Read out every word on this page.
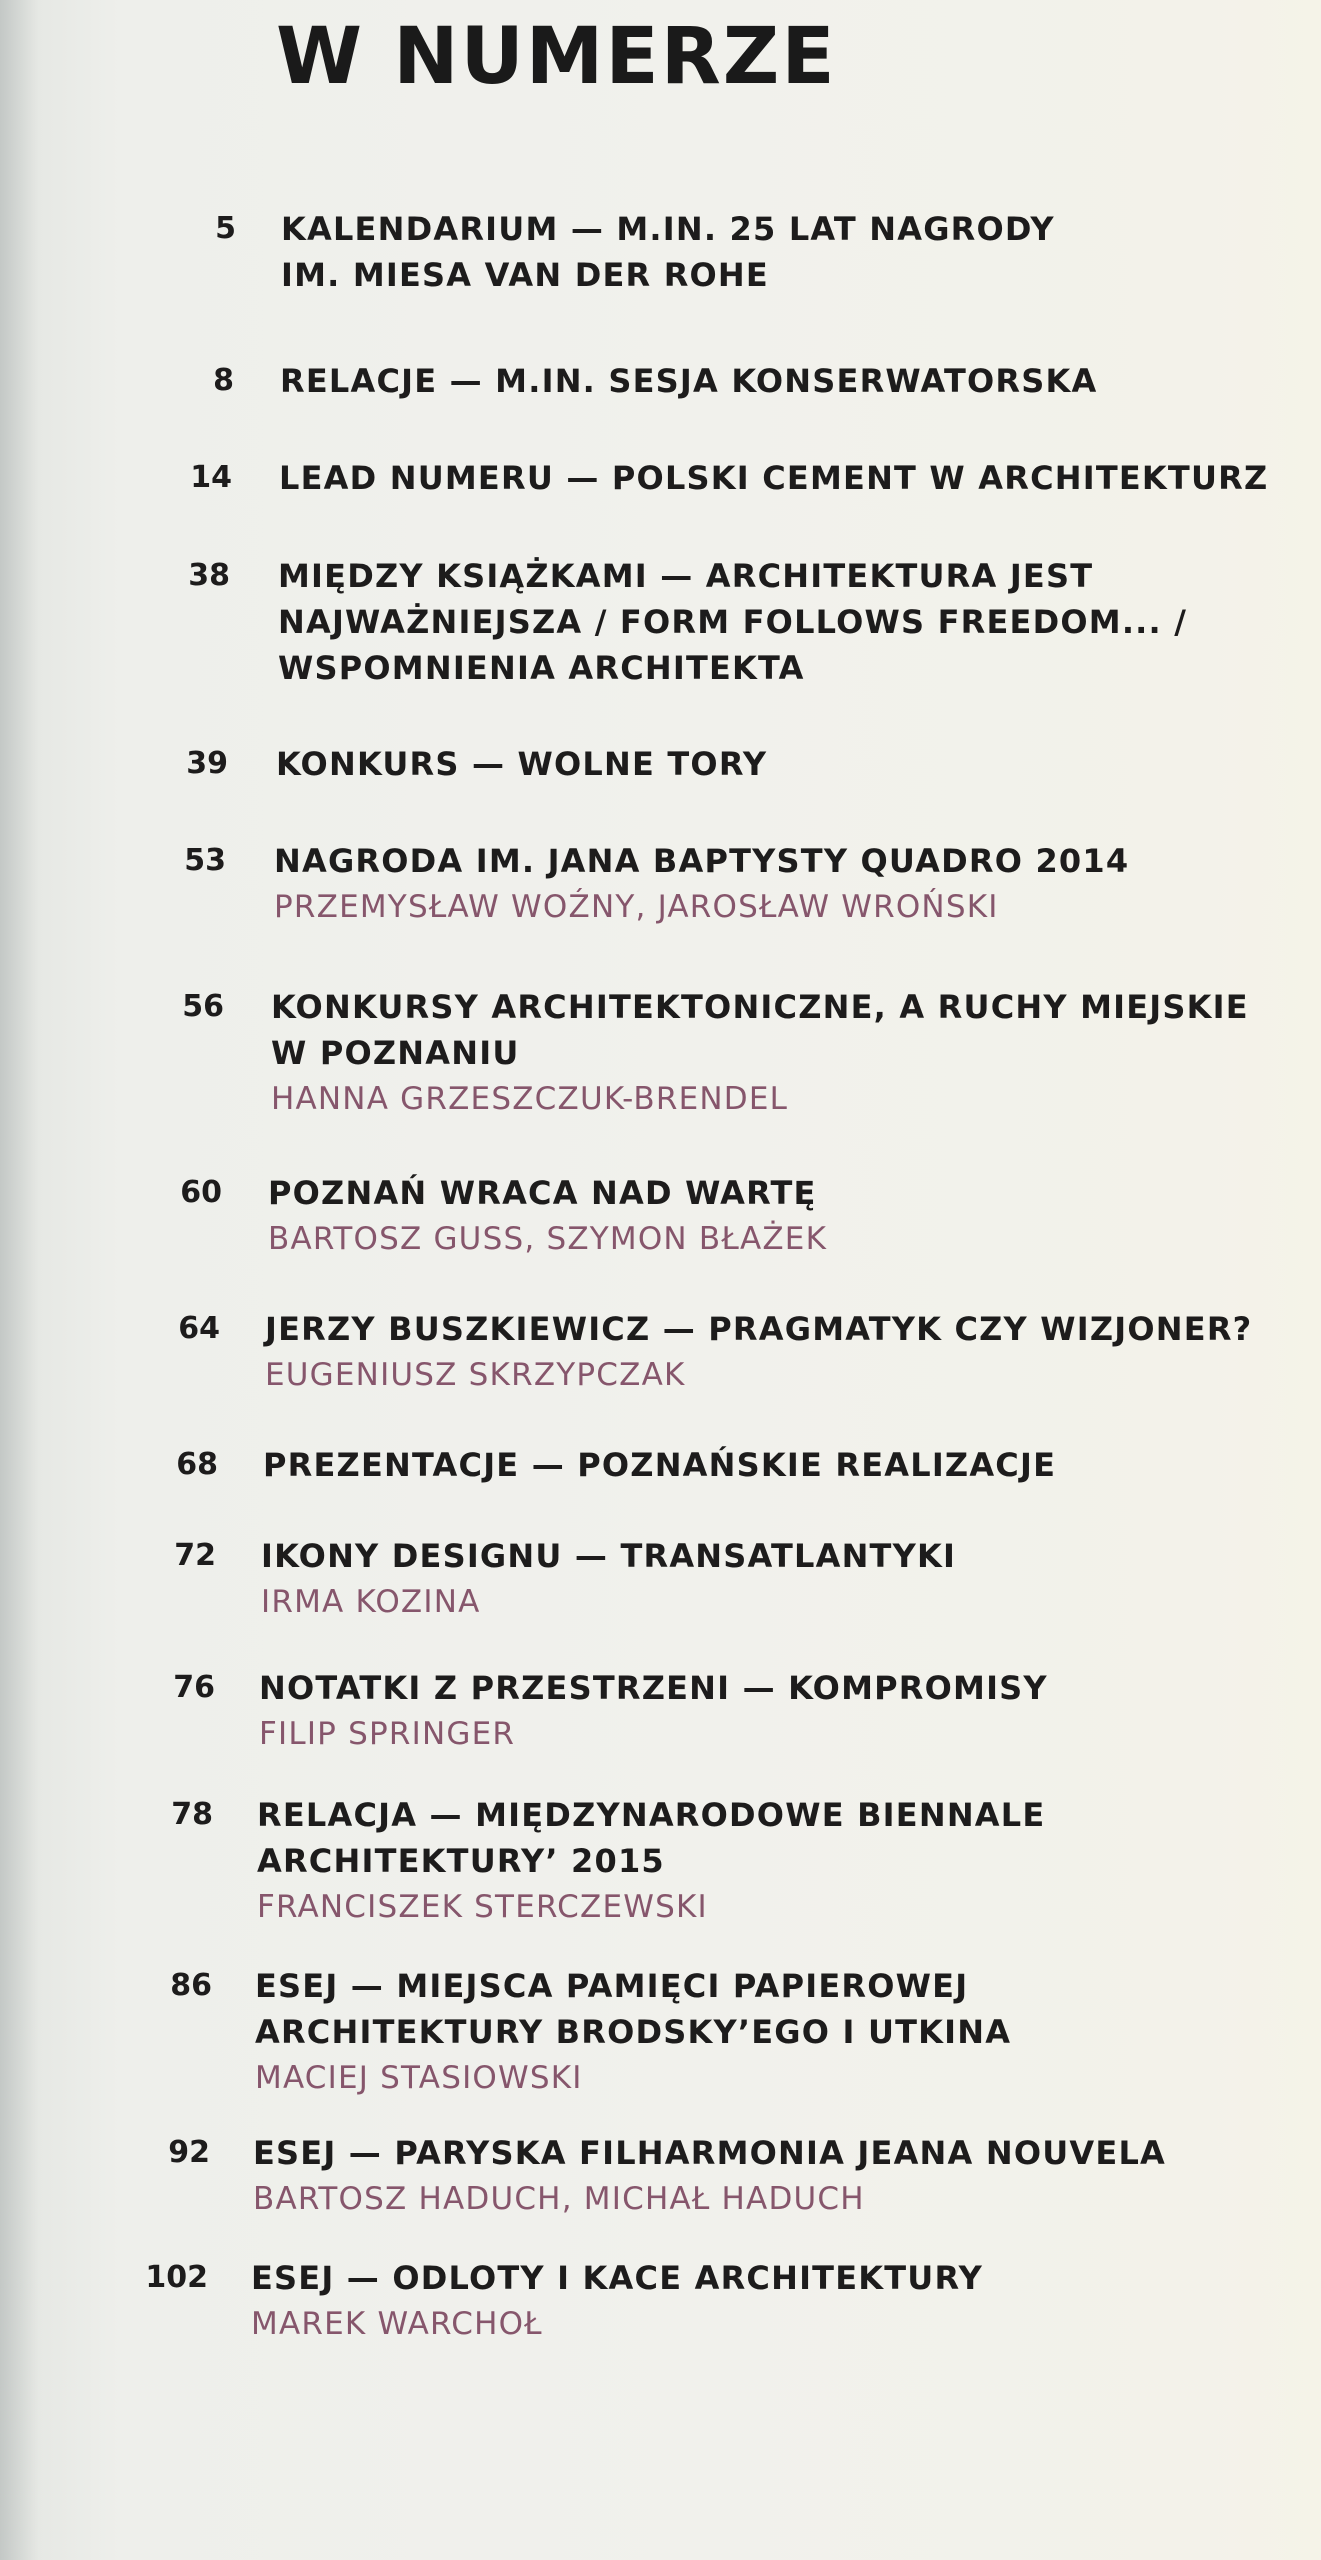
W NUMERZE
5 KALENDARIUM — M.IN. 25 LAT NAGRODY
IM. MIESA VAN DER ROHE
8 RELACJE — M.IN. SESJA KONSERWATORSKA
14 LEAD NUMERU — POLSKI CEMENT W ARCHITEKTURZ
38 MIĘDZY KSIĄŻKAMI — ARCHITEKTURA JEST
NAJWAŻNIEJSZA / FORM FOLLOWS FREEDOM... /
WSPOMNIENIA ARCHITEKTA
39 KONKURS — WOLNE TORY
53 NAGRODA IM. JANA BAPTYSTY QUADRO 2014
PRZEMYSŁAW WOŹNY, JAROSŁAW WROŃSKI
56 KONKURSY ARCHITEKTONICZNE, A RUCHY MIEJSKIE
W POZNANIU
HANNA GRZESZCZUK-BRENDEL
60 POZNAŃ WRACA NAD WARTĘ
BARTOSZ GUSS, SZYMON BŁAŻEK
64 JERZY BUSZKIEWICZ — PRAGMATYK CZY WIZJONER?
EUGENIUSZ SKRZYPCZAK
68 PREZENTACJE — POZNAŃSKIE REALIZACJE
72 IKONY DESIGNU — TRANSATLANTYKI
IRMA KOZINA
76 NOTATKI Z PRZESTRZENI — KOMPROMISY
FILIP SPRINGER
78 RELACJA — MIĘDZYNARODOWE BIENNALE
ARCHITEKTURY’ 2015
FRANCISZEK STERCZEWSKI
86 ESEJ — MIEJSCA PAMIĘCI PAPIEROWEJ
ARCHITEKTURY BRODSKY’EGO I UTKINA
MACIEJ STASIOWSKI
92 ESEJ — PARYSKA FILHARMONIA JEANA NOUVELA
BARTOSZ HADUCH, MICHAŁ HADUCH
102 ESEJ — ODLOTY I KACE ARCHITEKTURY
MAREK WARCHOŁ
